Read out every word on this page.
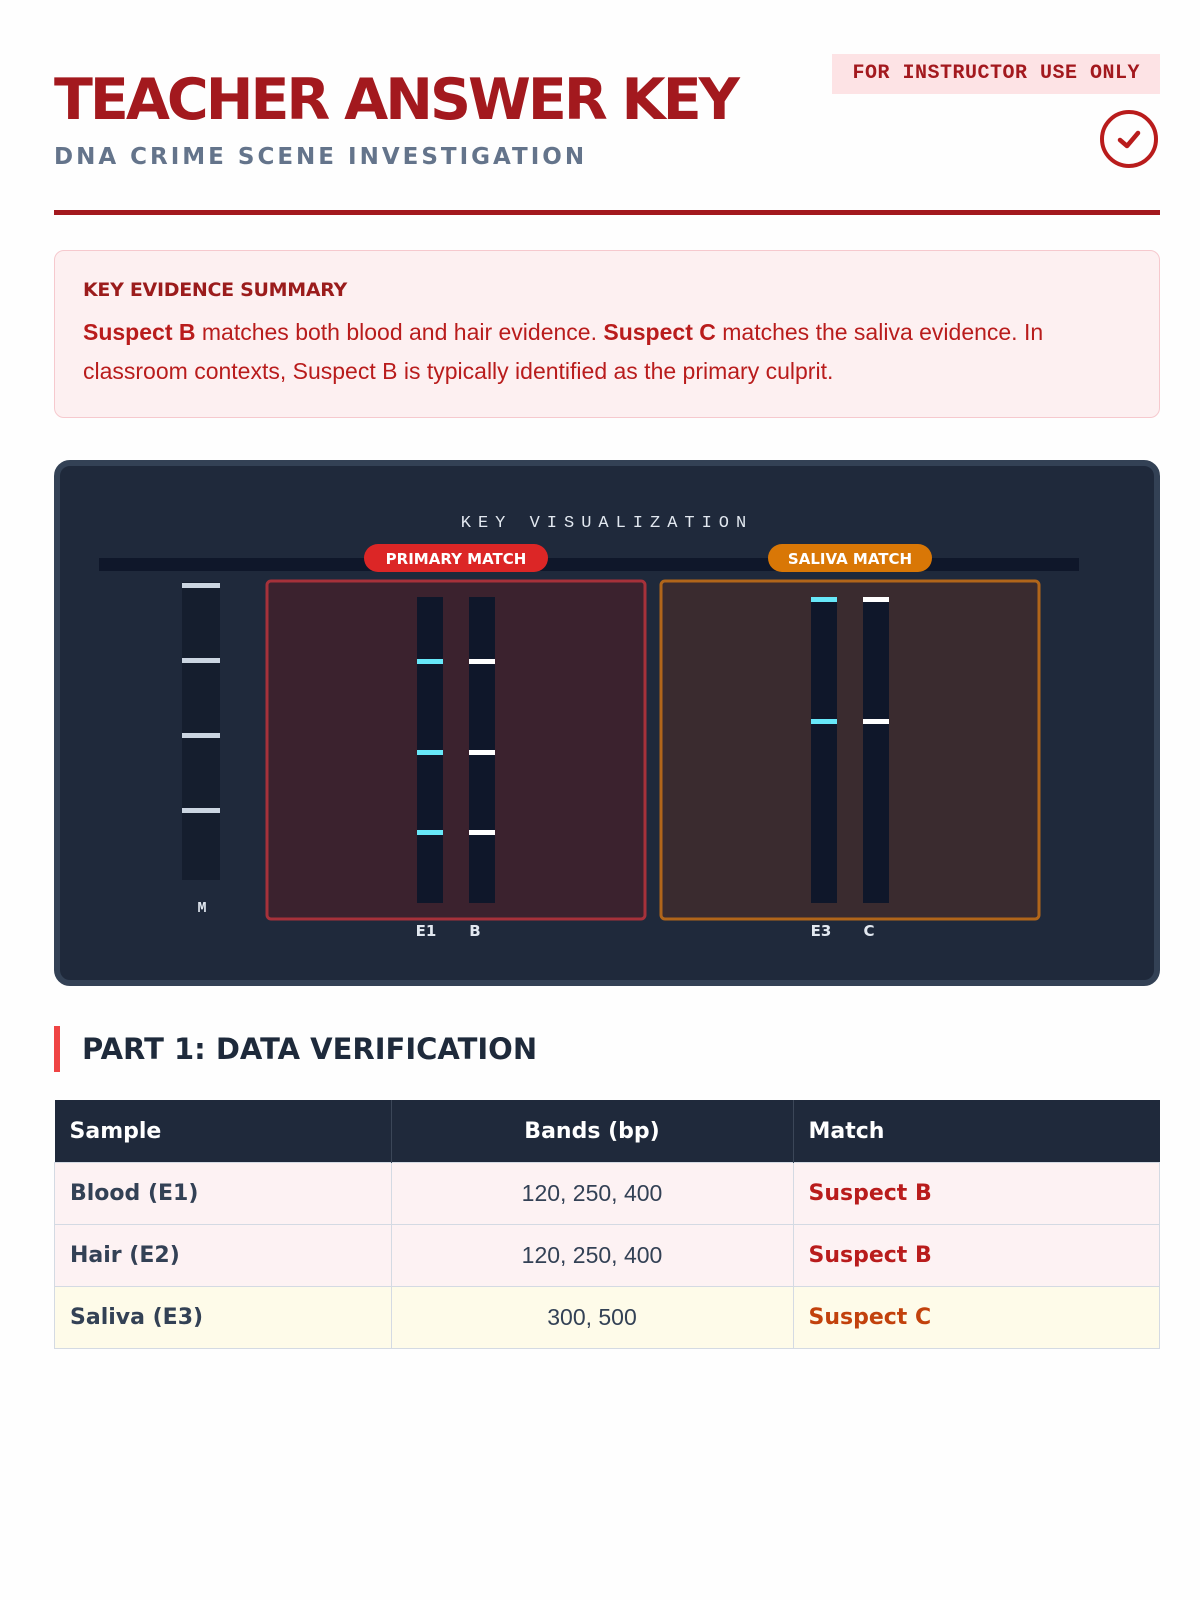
TEACHER ANSWER KEY
DNA CRIME SCENE INVESTIGATION
FOR INSTRUCTOR USE ONLY
KEY EVIDENCE SUMMARY

Suspect B matches both blood and hair evidence. Suspect C matches the saliva evidence. In classroom contexts, Suspect B is typically identified as the primary culprit.

KEY VISUALIZATION
M
PRIMARY MATCH
E1 B
SALIVA MATCH
E3 C
PART 1: DATA VERIFICATION
Sample	Bands (bp)	Match
Blood (E1)	120, 250, 400	Suspect B
Hair (E2)	120, 250, 400	Suspect B
Saliva (E3)	300, 500	Suspect C
